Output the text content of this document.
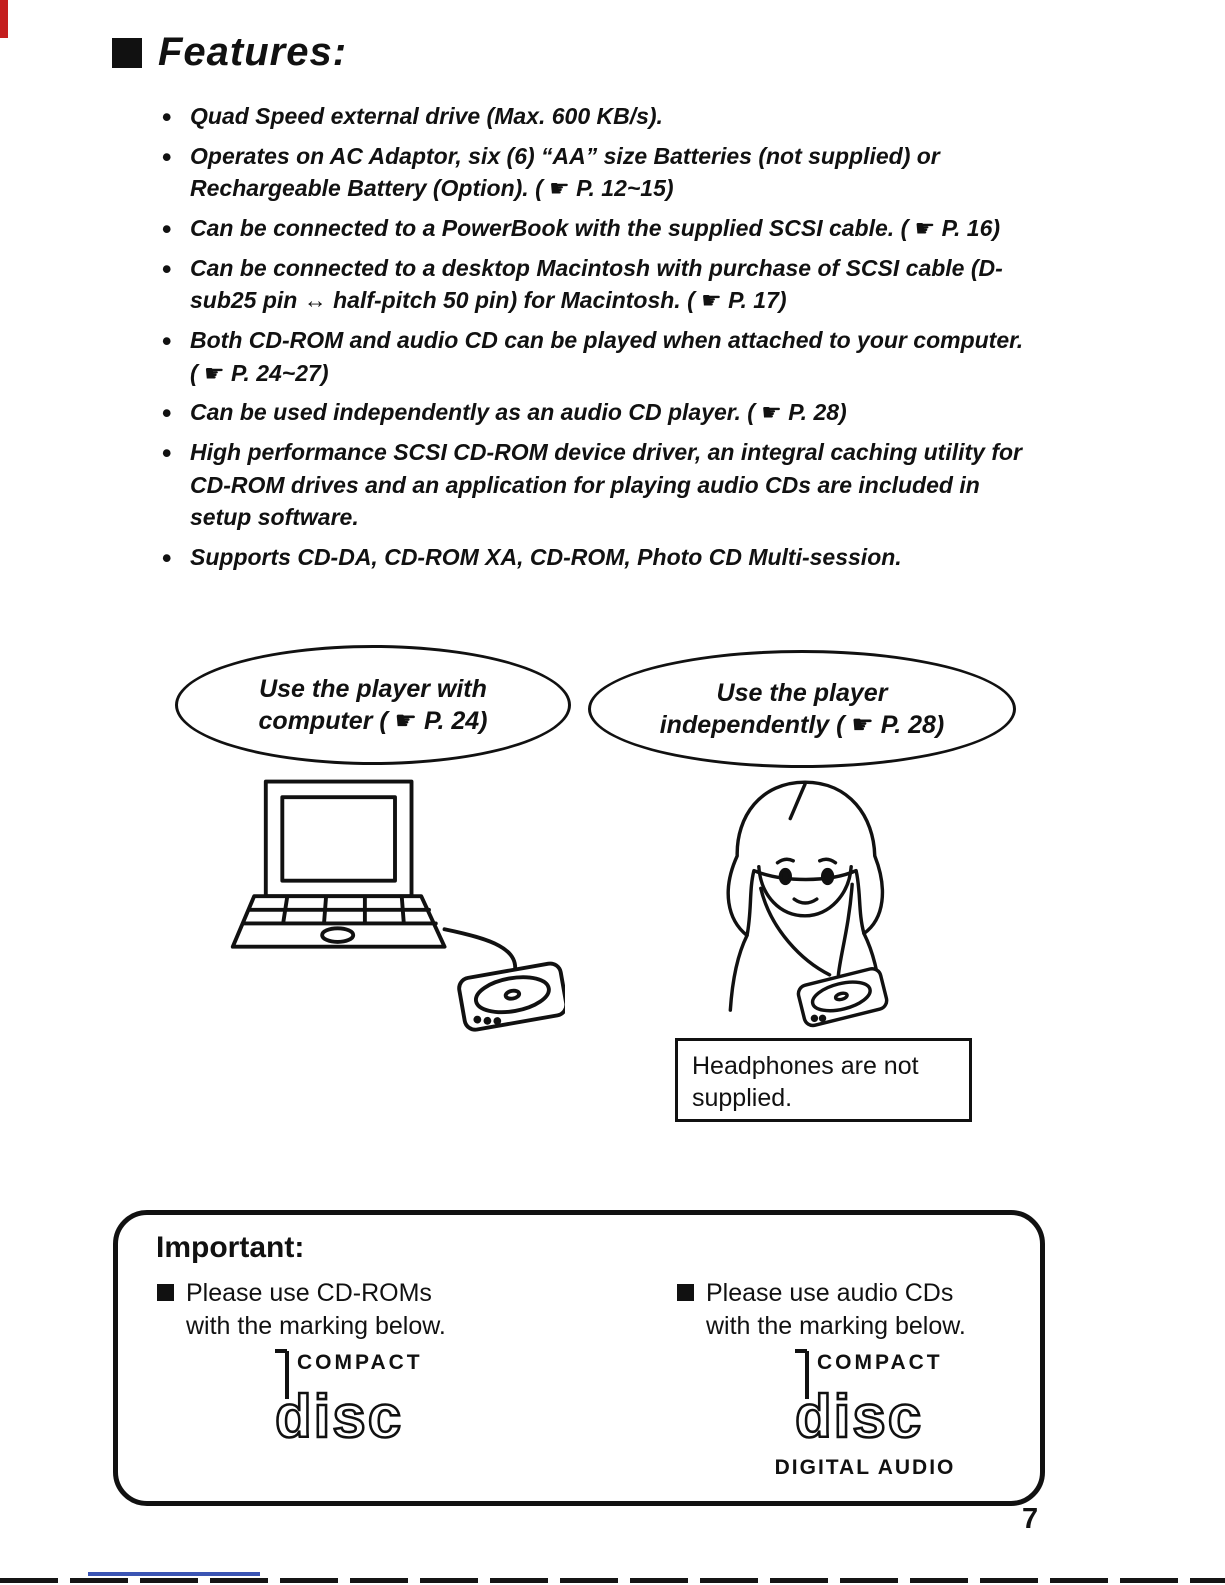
Features:
• Quad Speed external drive (Max. 600 KB/s).
• Operates on AC Adaptor, six (6) “AA” size Batteries (not supplied) or Rechargeable Battery (Option). ( ☛ P. 12~15)
• Can be connected to a PowerBook with the supplied SCSI cable. ( ☛ P. 16)
• Can be connected to a desktop Macintosh with purchase of SCSI cable (D-sub25 pin ↔ half-pitch 50 pin) for Macintosh. ( ☛ P. 17)
• Both CD-ROM and audio CD can be played when attached to your computer. ( ☛ P. 24~27)
• Can be used independently as an audio CD player. ( ☛ P. 28)
• High performance SCSI CD-ROM device driver, an integral caching utility for CD-ROM drives and an application for playing audio CDs are included in setup software.
• Supports CD-DA, CD-ROM XA, CD-ROM, Photo CD Multi-session.
Use the player with
computer ( ☛ P. 24)
Use the player
independently ( ☛ P. 28)
Headphones are not
supplied.
Important:
Please use CD-ROMs
with the marking below.
Please use audio CDs
with the marking below.
COMPACT
disc
COMPACT
disc
DIGITAL AUDIO
7
